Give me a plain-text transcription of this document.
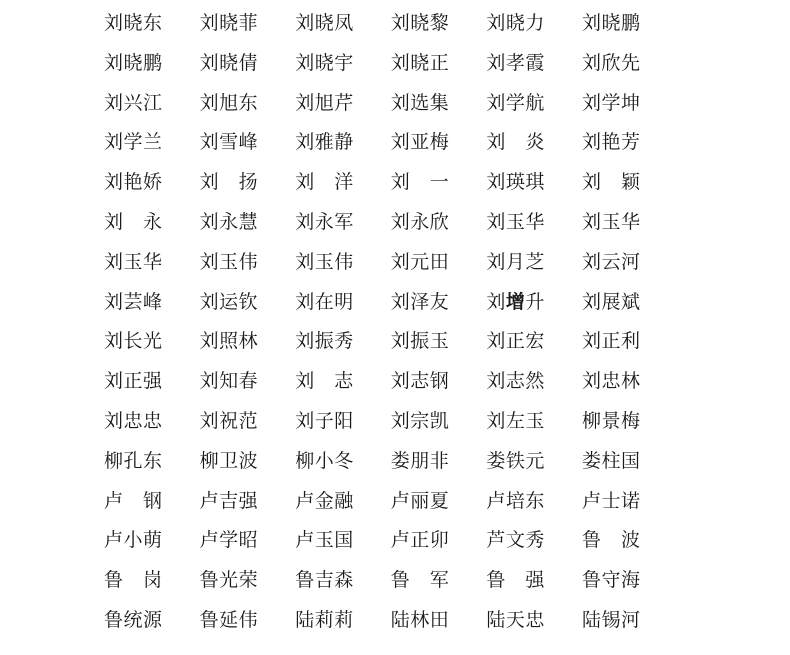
刘晓东	刘晓菲	刘晓凤	刘晓黎	刘晓力	刘晓鹏
刘晓鹏	刘晓倩	刘晓宇	刘晓正	刘孝霞	刘欣先
刘兴江	刘旭东	刘旭芹	刘选集	刘学航	刘学坤
刘学兰	刘雪峰	刘雅静	刘亚梅	刘　炎	刘艳芳
刘艳娇	刘　扬	刘　洋	刘　一	刘瑛琪	刘　颖
刘　永	刘永慧	刘永军	刘永欣	刘玉华	刘玉华
刘玉华	刘玉伟	刘玉伟	刘元田	刘月芝	刘云河
刘芸峰	刘运钦	刘在明	刘泽友	刘增升	刘展斌
刘长光	刘照林	刘振秀	刘振玉	刘正宏	刘正利
刘正强	刘知春	刘　志	刘志钢	刘志然	刘忠林
刘忠忠	刘祝范	刘子阳	刘宗凯	刘左玉	柳景梅
柳孔东	柳卫波	柳小冬	娄朋非	娄铁元	娄柱国
卢　钢	卢吉强	卢金融	卢丽夏	卢培东	卢士诺
卢小萌	卢学昭	卢玉国	卢正卯	芦文秀	鲁　波
鲁　岗	鲁光荣	鲁吉森	鲁　军	鲁　强	鲁守海
鲁统源	鲁延伟	陆莉莉	陆林田	陆天忠	陆锡河
